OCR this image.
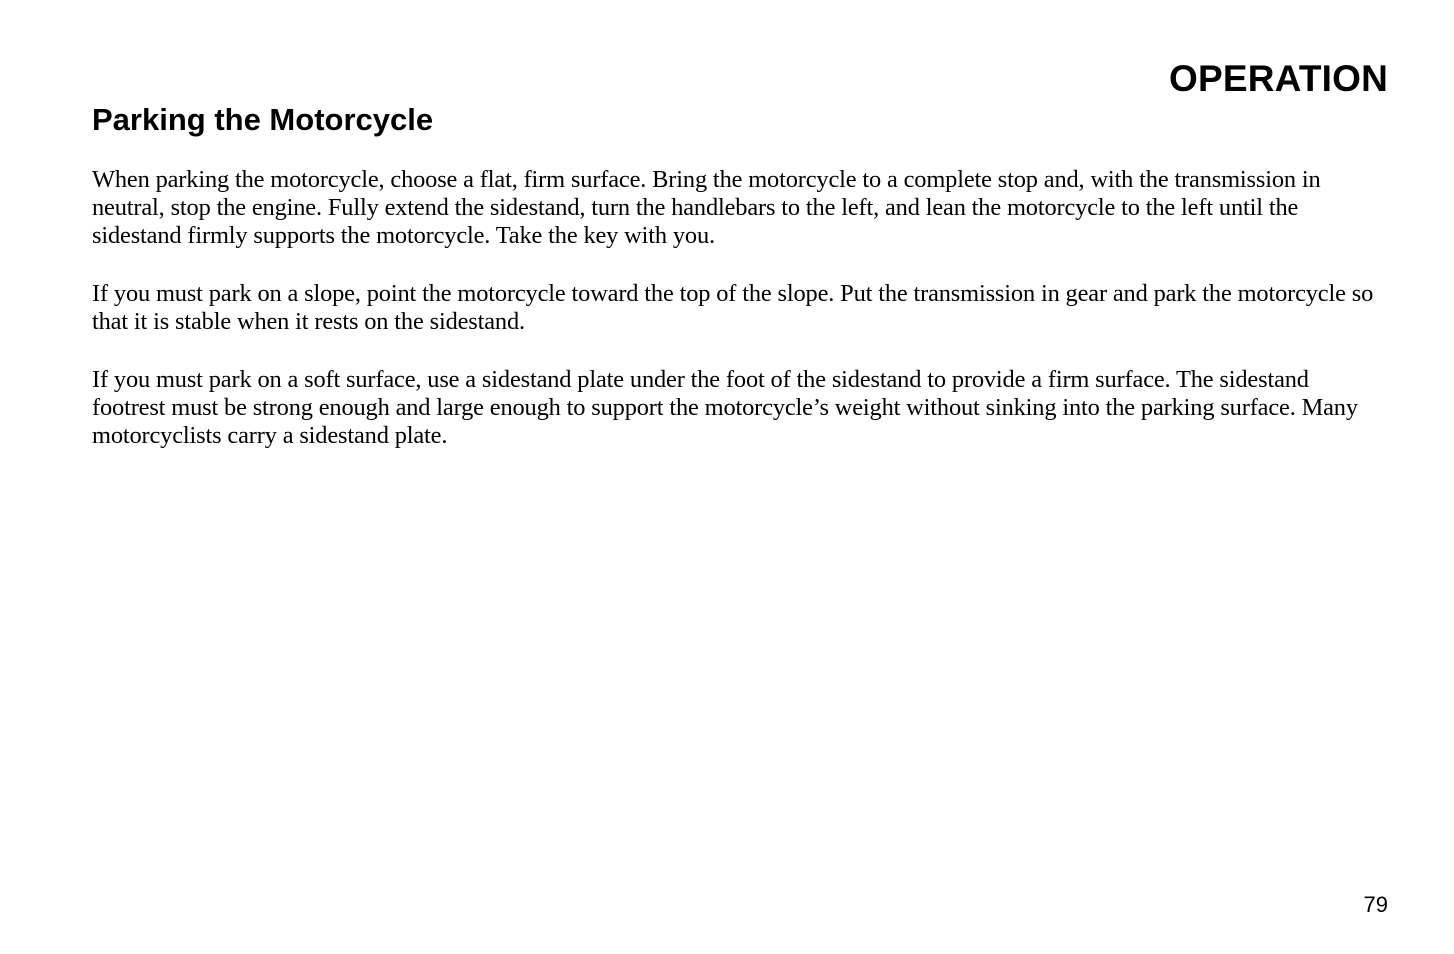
OPERATION
Parking the Motorcycle

When parking the motorcycle, choose a flat, firm surface. Bring the motorcycle to a complete stop and, with the transmission in neutral, stop the engine. Fully extend the sidestand, turn the handlebars to the left, and lean the motorcycle to the left until the sidestand firmly supports the motorcycle. Take the key with you.

If you must park on a slope, point the motorcycle toward the top of the slope. Put the transmission in gear and park the motorcycle so that it is stable when it rests on the sidestand.

If you must park on a soft surface, use a sidestand plate under the foot of the sidestand to provide a firm surface. The sidestand footrest must be strong enough and large enough to support the motorcycle’s weight without sinking into the parking surface. Many motorcyclists carry a sidestand plate.

79
